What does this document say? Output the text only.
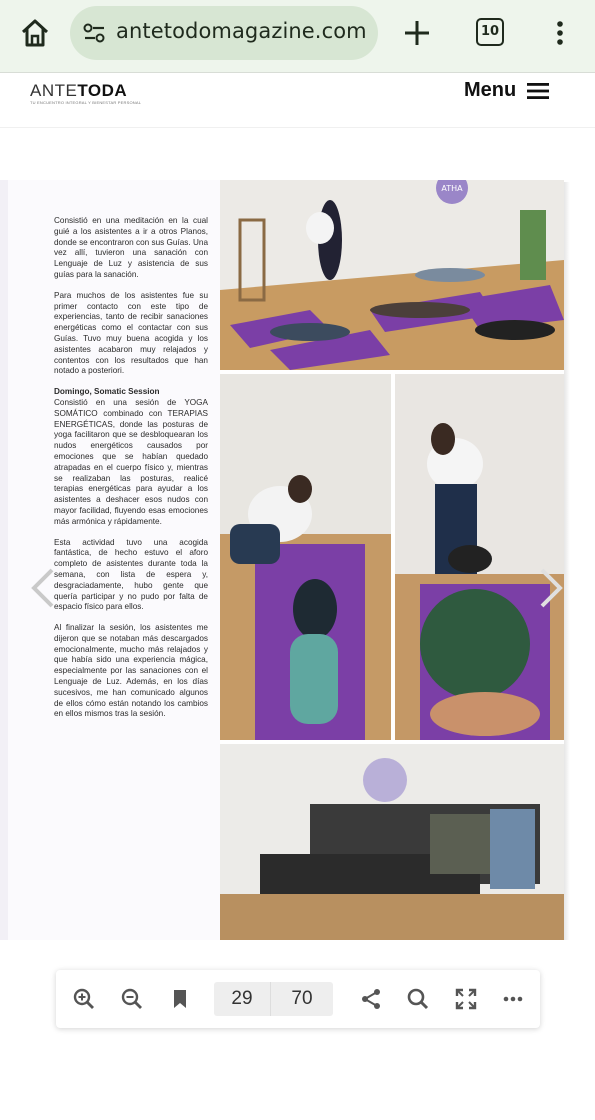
antetodomagazine.com	10
ANTETODA
TU ENCUENTRO INTEGRAL Y BIENESTAR PERSONAL
Menu

Consistió en una meditación en la cual guié a los asistentes a ir a otros Planos, donde se encontraron con sus Guías. Una vez allí, tuvieron una sanación con Lenguaje de Luz y asistencia de sus guías para la sanación.

Para muchos de los asistentes fue su primer contacto con este tipo de experiencias, tanto de recibir sanaciones energéticas como el contactar con sus Guías. Tuvo muy buena acogida y los asistentes acabaron muy relajados y contentos con los resultados que han notado a posteriori.

Domingo, Somatic Session

Consistió en una sesión de YOGA SOMÁTICO combinado con TERAPIAS ENERGÉTICAS, donde las posturas de yoga facilitaron que se desbloquearan los nudos energéticos causados por emociones que se habían quedado atrapadas en el cuerpo físico y, mientras se realizaban las posturas, realicé terapias energéticas para ayudar a los asistentes a deshacer esos nudos con mayor facilidad, fluyendo esas emociones más armónica y rápidamente.

Esta actividad tuvo una acogida fantástica, de hecho estuvo el aforo completo de asistentes durante toda la semana, con lista de espera y, desgraciadamente, hubo gente que quería participar y no pudo por falta de espacio físico para ellos.

Al finalizar la sesión, los asistentes me dijeron que se notaban más descargados emocionalmente, mucho más relajados y que había sido una experiencia mágica, especialmente por las sanaciones con el Lenguaje de Luz. Además, en los días sucesivos, me han comunicado algunos de ellos cómo están notando los cambios en ellos mismos tras la sesión.

ATHA
29	70
